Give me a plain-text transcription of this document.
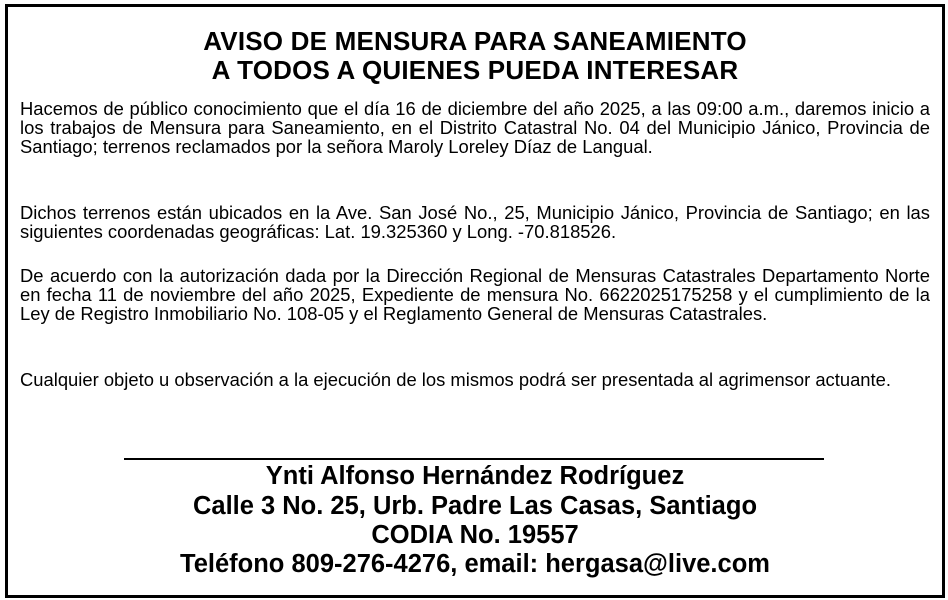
AVISO DE MENSURA PARA SANEAMIENTO
A TODOS A QUIENES PUEDA INTERESAR
Hacemos de público conocimiento que el día 16 de diciembre del año 2025, a las 09:00 a.m., daremos inicio a los trabajos de Mensura para Saneamiento, en el Distrito Catastral No. 04 del Municipio Jánico, Provincia de Santiago; terrenos reclamados por la señora Maroly Loreley Díaz de Langual.
Dichos terrenos están ubicados en la Ave. San José No., 25, Municipio Jánico, Provincia de Santiago; en las siguientes coordenadas geográficas: Lat. 19.325360 y Long. -70.818526.
De acuerdo con la autorización dada por la Dirección Regional de Mensuras Catastrales Departamento Norte en fecha 11 de noviembre del año 2025, Expediente de mensura No. 6622025175258 y el cumplimiento de la Ley de Registro Inmobiliario No. 108-05 y el Reglamento General de Mensuras Catastrales.
Cualquier objeto u observación a la ejecución de los mismos podrá ser presentada al agrimensor actuante.
Ynti Alfonso Hernández Rodríguez
Calle 3 No. 25, Urb. Padre Las Casas, Santiago
CODIA No. 19557
Teléfono 809-276-4276, email: hergasa@live.com
